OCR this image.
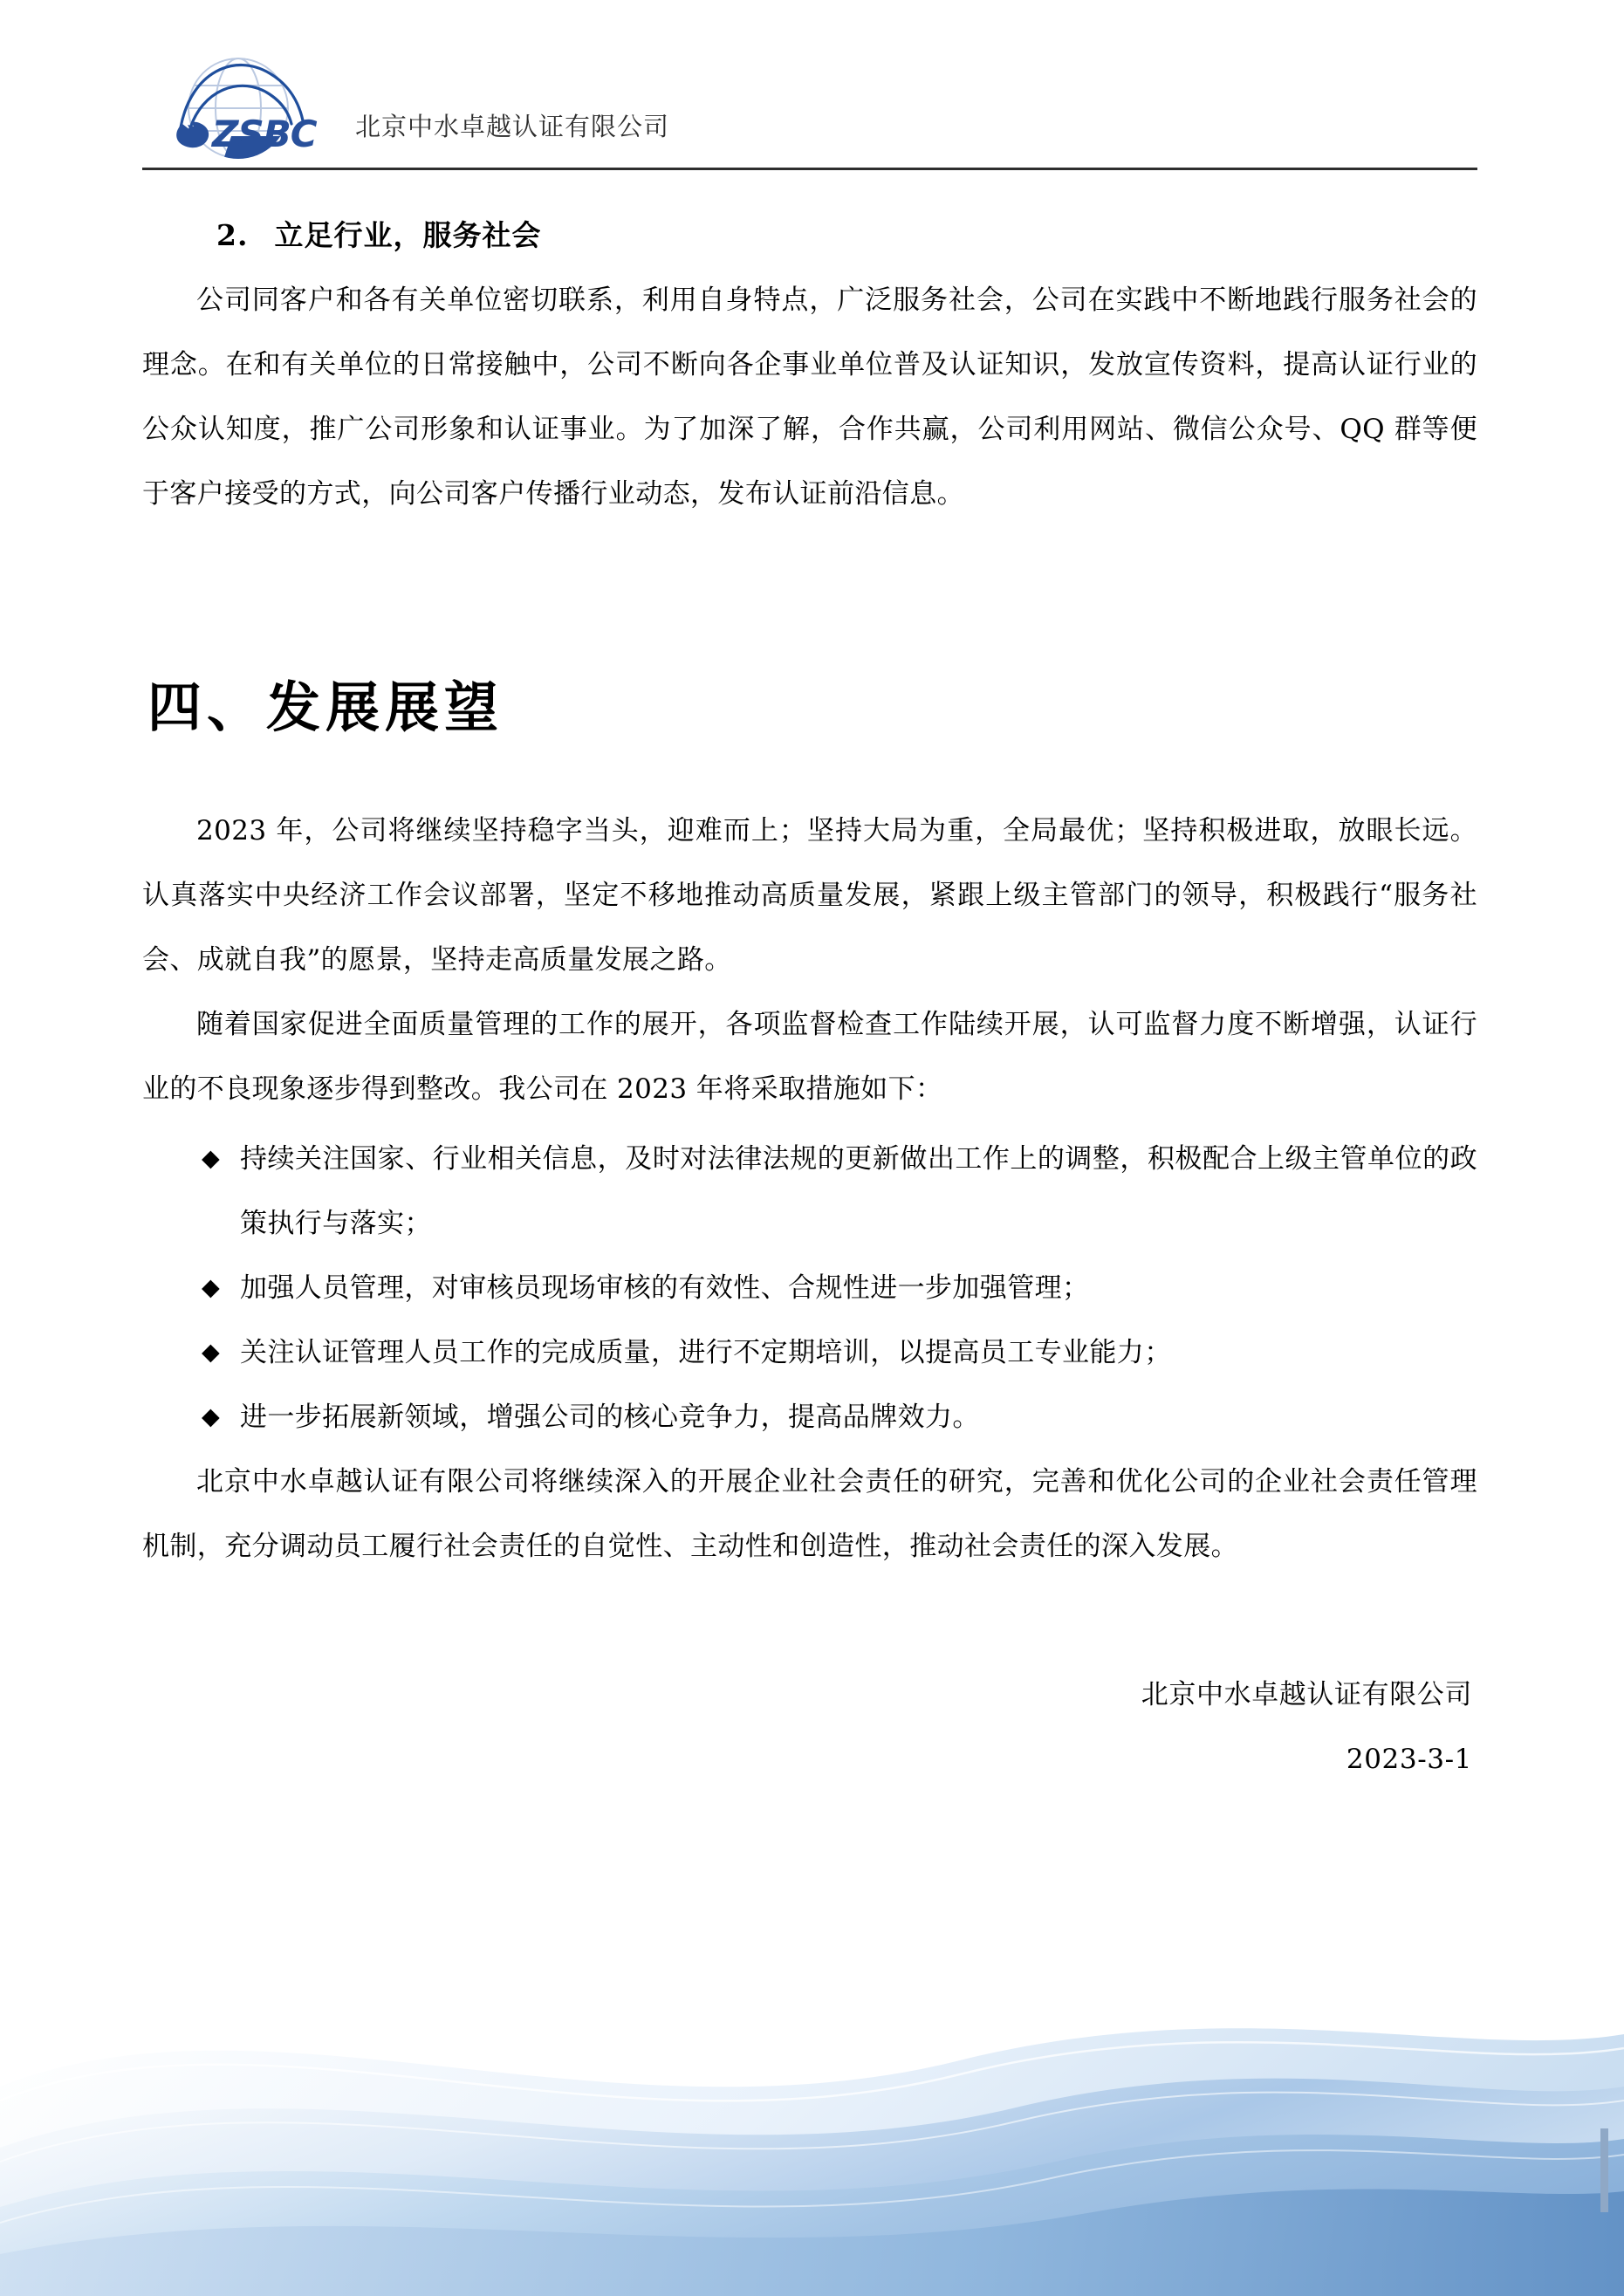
ZSBC 北京中水卓越认证有限公司
2. 立足行业，服务社会

公司同客户和各有关单位密切联系，利用自身特点，广泛服务社会，公司在实践中不断地践行服务社会的理念。在和有关单位的日常接触中，公司不断向各企事业单位普及认证知识，发放宣传资料，提高认证行业的公众认知度，推广公司形象和认证事业。为了加深了解，合作共赢，公司利用网站、微信公众号、QQ 群等便于客户接受的方式，向公司客户传播行业动态，发布认证前沿信息。

四、发展展望

2023 年，公司将继续坚持稳字当头，迎难而上；坚持大局为重，全局最优；坚持积极进取，放眼长远。认真落实中央经济工作会议部署，坚定不移地推动高质量发展，紧跟上级主管部门的领导，积极践行“服务社会、成就自我”的愿景，坚持走高质量发展之路。

随着国家促进全面质量管理的工作的展开，各项监督检查工作陆续开展，认可监督力度不断增强，认证行业的不良现象逐步得到整改。我公司在 2023 年将采取措施如下：

◆ 持续关注国家、行业相关信息，及时对法律法规的更新做出工作上的调整，积极配合上级主管单位的政策执行与落实；
◆ 加强人员管理，对审核员现场审核的有效性、合规性进一步加强管理；
◆ 关注认证管理人员工作的完成质量，进行不定期培训，以提高员工专业能力；
◆ 进一步拓展新领域，增强公司的核心竞争力，提高品牌效力。

北京中水卓越认证有限公司将继续深入的开展企业社会责任的研究，完善和优化公司的企业社会责任管理机制，充分调动员工履行社会责任的自觉性、主动性和创造性，推动社会责任的深入发展。

北京中水卓越认证有限公司
2023-3-1
